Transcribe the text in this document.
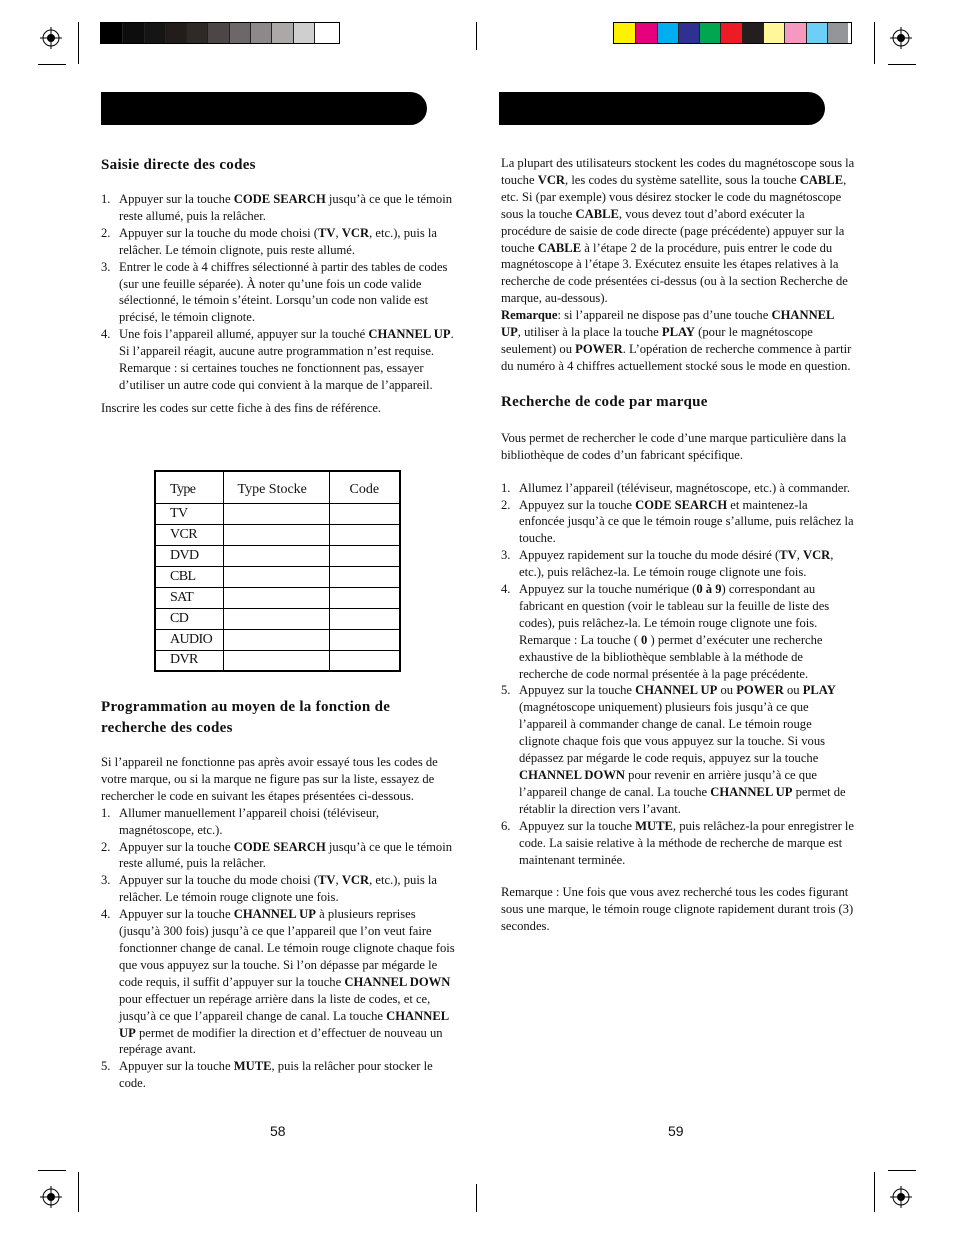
Saisie directe des codes
1. Appuyer sur la touche CODE SEARCH jusqu’à ce que le témoin reste allumé, puis la relâcher.
2. Appuyer sur la touche du mode choisi (TV, VCR, etc.), puis la relâcher. Le témoin clignote, puis reste allumé.
3. Entrer le code à 4 chiffres sélectionné à partir des tables de codes (sur une feuille séparée). À noter qu’une fois un code valide sélectionné, le témoin s’éteint. Lorsqu’un code non valide est précisé, le témoin clignote.
4. Une fois l’appareil allumé, appuyer sur la touché CHANNEL UP. Si l’appareil réagit, aucune autre programmation n’est requise. Remarque : si certaines touches ne fonctionnent pas, essayer
d’utiliser un autre code qui convient à la marque de l’appareil.

Inscrire les codes sur cette fiche à des fins de référence.

Type	Type Stocke	Code
TV		
VCR		
DVD		
CBL		
SAT		
CD		
AUDIO		
DVR		
Programmation au moyen de la fonction de recherche des codes

Si l’appareil ne fonctionne pas après avoir essayé tous les codes de votre marque, ou si la marque ne figure pas sur la liste, essayez de rechercher le code en suivant les étapes présentées ci-dessous.

1. Allumer manuellement l’appareil choisi (téléviseur, magnétoscope, etc.).
2. Appuyer sur la touche CODE SEARCH jusqu’à ce que le témoin reste allumé, puis la relâcher.
3. Appuyer sur la touche du mode choisi (TV, VCR, etc.), puis la relâcher. Le témoin rouge clignote une fois.
4. Appuyer sur la touche CHANNEL UP à plusieurs reprises (jusqu’à 300 fois) jusqu’à ce que l’appareil que l’on veut faire fonctionner change de canal. Le témoin rouge clignote chaque fois que vous appuyez sur la touche. Si l’on dépasse par mégarde le code requis, il suffit d’appuyer sur la touche CHANNEL DOWN pour effectuer un repérage arrière dans la liste de codes, et ce, jusqu’à ce que l’appareil change de canal. La touche CHANNEL UP permet de modifier la direction et d’effectuer de nouveau un repérage avant.
5. Appuyer sur la touche MUTE, puis la relâcher pour stocker le code.
58

La plupart des utilisateurs stockent les codes du magnétoscope sous la touche VCR, les codes du système satellite, sous la touche CABLE, etc. Si (par exemple) vous désirez stocker le code du magnétoscope sous la touche CABLE, vous devez tout d’abord exécuter la procédure de saisie de code directe (page précédente) appuyer sur la touche CABLE à l’étape 2 de la procédure, puis entrer le code du magnétoscope à l’étape 3. Exécutez ensuite les étapes relatives à la recherche de code présentées ci-dessus (ou à la section Recherche de marque, au-dessous).
Remarque: si l’appareil ne dispose pas d’une touche CHANNEL UP, utiliser à la place la touche PLAY (pour le magnétoscope seulement) ou POWER. L’opération de recherche commence à partir du numéro à 4 chiffres actuellement stocké sous le mode en question.

Recherche de code par marque

Vous permet de rechercher le code d’une marque particulière dans la bibliothèque de codes d’un fabricant spécifique.

1. Allumez l’appareil (téléviseur, magnétoscope, etc.) à commander.
2. Appuyez sur la touche CODE SEARCH et maintenez-la enfoncée jusqu’à ce que le témoin rouge s’allume, puis relâchez la touche.
3. Appuyez rapidement sur la touche du mode désiré (TV, VCR, etc.), puis relâchez-la. Le témoin rouge clignote une fois.
4. Appuyez sur la touche numérique (0 à 9) correspondant au fabricant en question (voir le tableau sur la feuille de liste des codes), puis relâchez-la. Le témoin rouge clignote une fois. Remarque : La touche ( 0 ) permet d’exécuter une recherche exhaustive de la bibliothèque semblable à la méthode de recherche de code normal présentée à la page précédente.
5. Appuyez sur la touche CHANNEL UP ou POWER ou PLAY (magnétoscope uniquement) plusieurs fois jusqu’à ce que l’appareil à commander change de canal. Le témoin rouge clignote chaque fois que vous appuyez sur la touche. Si vous dépassez par mégarde le code requis, appuyez sur la touche CHANNEL DOWN pour revenir en arrière jusqu’à ce que l’appareil change de canal. La touche CHANNEL UP permet de rétablir la direction vers l’avant.
6. Appuyez sur la touche MUTE, puis relâchez-la pour enregistrer le code. La saisie relative à la méthode de recherche de marque est maintenant terminée.

Remarque : Une fois que vous avez recherché tous les codes figurant sous une marque, le témoin rouge clignote rapidement durant trois (3) secondes.

59
